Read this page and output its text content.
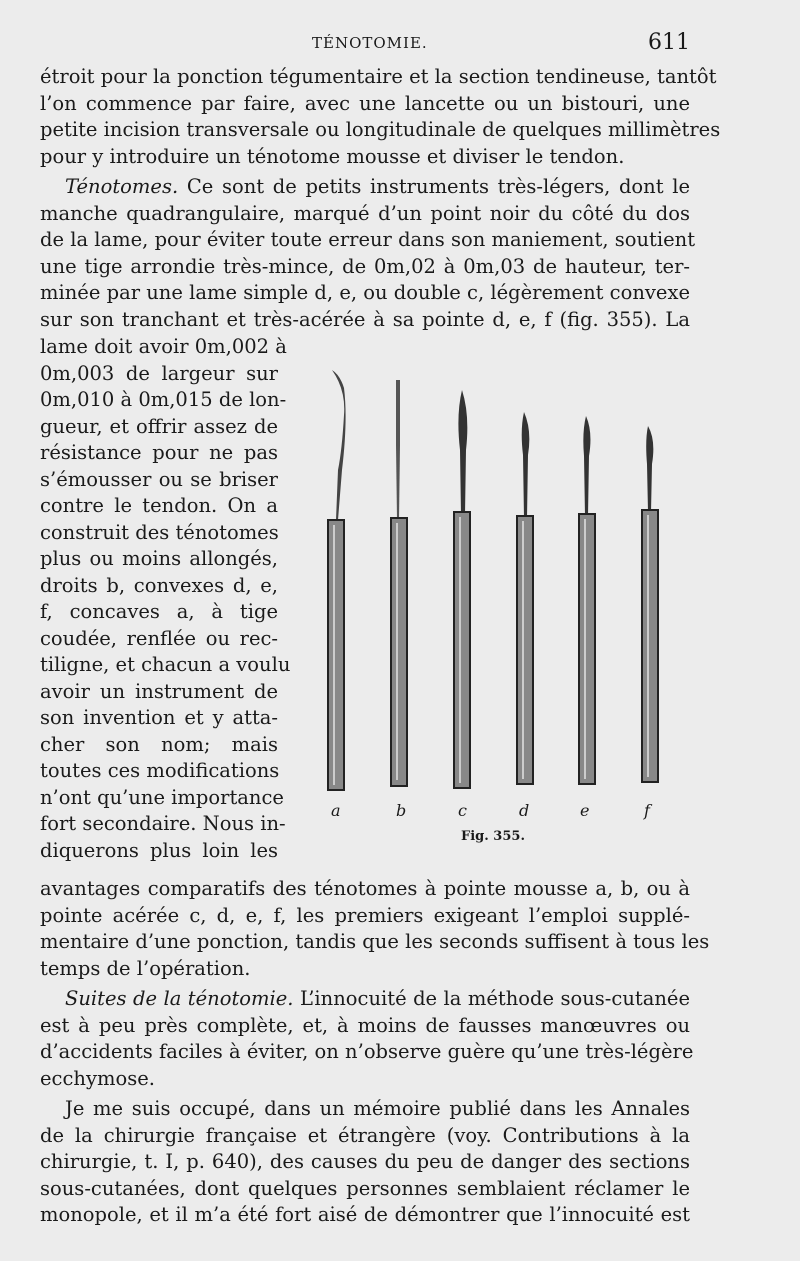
TÉNOTOMIE.	611
étroit pour la ponction tégumentaire et la section tendineuse, tantôt
l’on commence par faire, avec une lancette ou un bistouri, une
petite incision transversale ou longitudinale de quelques millimètres
pour y introduire un ténotome mousse et diviser le tendon.
Ténotomes. Ce sont de petits instruments très-légers, dont le
manche quadrangulaire, marqué d’un point noir du côté du dos
de la lame, pour éviter toute erreur dans son maniement, soutient
une tige arrondie très-mince, de 0m,02 à 0m,03 de hauteur, ter-
minée par une lame simple d, e, ou double c, légèrement convexe
sur son tranchant et très-acérée à sa pointe d, e, f (fig. 355). La
lame doit avoir 0m,002 à
0m,003 de largeur sur
0m,010 à 0m,015 de lon-
gueur, et offrir assez de
résistance pour ne pas
s’émousser ou se briser
contre le tendon. On a
construit des ténotomes
plus ou moins allongés,
droits b, convexes d, e,
f, concaves a, à tige
coudée, renflée ou rec-
tiligne, et chacun a voulu
avoir un instrument de
son invention et y atta-
cher son nom; mais
toutes ces modifications
n’ont qu’une importance
fort secondaire. Nous in-
diquerons plus loin les
a	b	c	d	e	f
Fig. 355.
avantages comparatifs des ténotomes à pointe mousse a, b, ou à
pointe acérée c, d, e, f, les premiers exigeant l’emploi supplé-
mentaire d’une ponction, tandis que les seconds suffisent à tous les
temps de l’opération.
Suites de la ténotomie. L’innocuité de la méthode sous-cutanée
est à peu près complète, et, à moins de fausses manœuvres ou
d’accidents faciles à éviter, on n’observe guère qu’une très-légère
ecchymose.
Je me suis occupé, dans un mémoire publié dans les Annales
de la chirurgie française et étrangère (voy. Contributions à la
chirurgie, t. I, p. 640), des causes du peu de danger des sections
sous-cutanées, dont quelques personnes semblaient réclamer le
monopole, et il m’a été fort aisé de démontrer que l’innocuité est
